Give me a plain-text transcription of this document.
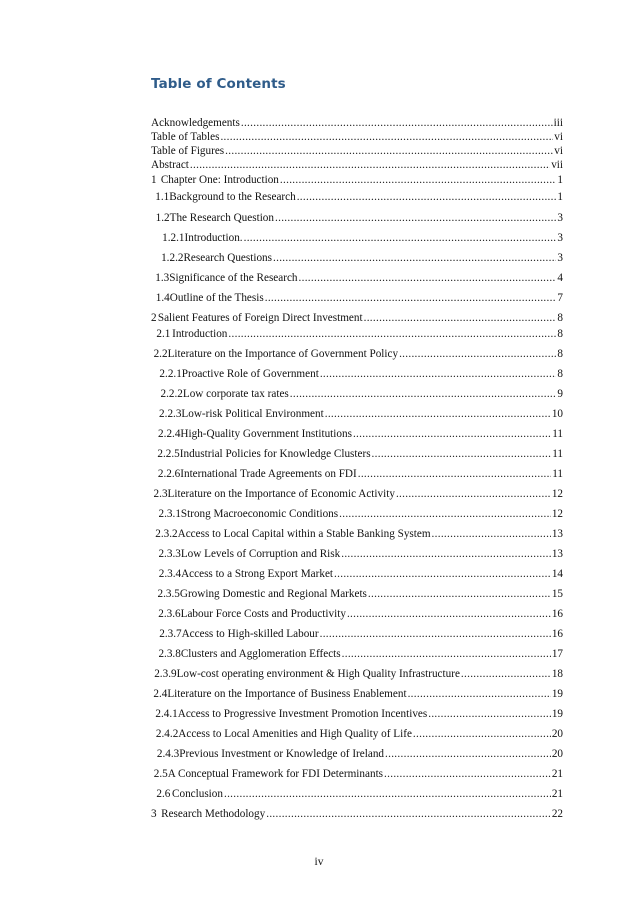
Table of Contents
Acknowledgements .....	iii
Table of Tables .....	vi
Table of Figures .....	vi
Abstract .....	vii
1 Chapter One: Introduction .....	1
1.1 Background to the Research .....	1
1.2 The Research Question .....	3
1.2.1 Introduction. .....	3
1.2.2 Research Questions .....	3
1.3 Significance of the Research .....	4
1.4 Outline of the Thesis .....	7
2 Salient Features of Foreign Direct Investment .....	8
2.1 Introduction .....	8
2.2 Literature on the Importance of Government Policy .....	8
2.2.1 Proactive Role of Government .....	8
2.2.2 Low corporate tax rates .....	9
2.2.3 Low-risk Political Environment .....	10
2.2.4 High-Quality Government Institutions .....	11
2.2.5 Industrial Policies for Knowledge Clusters .....	11
2.2.6 International Trade Agreements on FDI .....	11
2.3 Literature on the Importance of Economic Activity .....	12
2.3.1 Strong Macroeconomic Conditions .....	12
2.3.2 Access to Local Capital within a Stable Banking System .....	13
2.3.3 Low Levels of Corruption and Risk .....	13
2.3.4 Access to a Strong Export Market .....	14
2.3.5 Growing Domestic and Regional Markets .....	15
2.3.6 Labour Force Costs and Productivity .....	16
2.3.7 Access to High-skilled Labour .....	16
2.3.8 Clusters and Agglomeration Effects .....	17
2.3.9 Low-cost operating environment & High Quality Infrastructure .....	18
2.4 Literature on the Importance of Business Enablement .....	19
2.4.1 Access to Progressive Investment Promotion Incentives .....	19
2.4.2 Access to Local Amenities and High Quality of Life .....	20
2.4.3 Previous Investment or Knowledge of Ireland .....	20
2.5 A Conceptual Framework for FDI Determinants .....	21
2.6 Conclusion .....	21
3 Research Methodology .....	22
iv
